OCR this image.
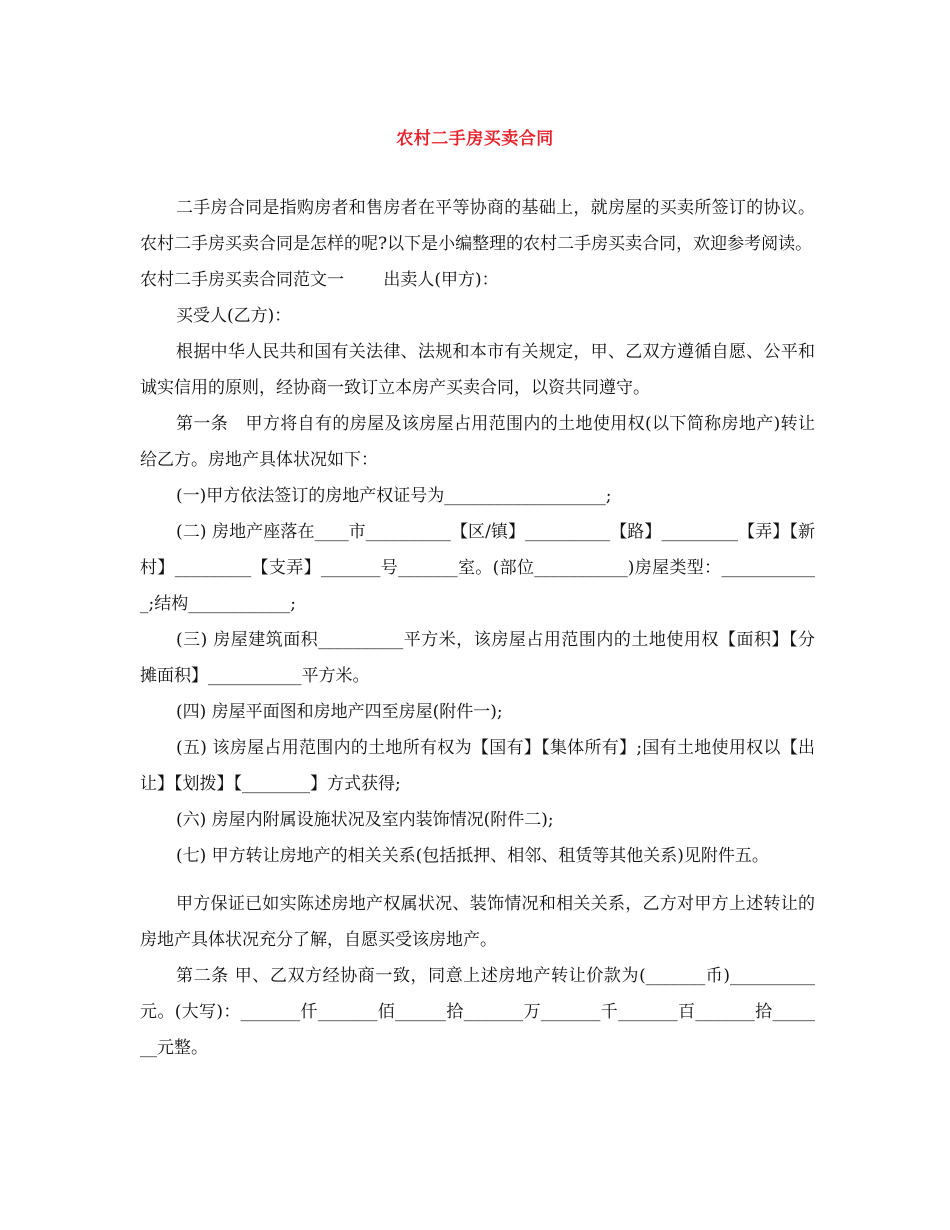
农村二手房买卖合同
二手房合同是指购房者和售房者在平等协商的基础上，就房屋的买卖所签订的协议。农村二手房买卖合同是怎样的呢?以下是小编整理的农村二手房买卖合同，欢迎参考阅读。
农村二手房买卖合同范文一　　 出卖人(甲方)：
买受人(乙方)：
根据中华人民共和国有关法律、法规和本市有关规定，甲、乙双方遵循自愿、公平和诚实信用的原则，经协商一致订立本房产买卖合同，以资共同遵守。
第一条　甲方将自有的房屋及该房屋占用范围内的土地使用权(以下简称房地产)转让给乙方。房地产具体状况如下：
(一)甲方依法签订的房地产权证号为___________________;
(二) 房地产座落在____市__________【区/镇】__________【路】_________【弄】【新村】_________【支弄】_______号_______室。(部位___________)房屋类型：____________;结构____________;
(三) 房屋建筑面积__________平方米，该房屋占用范围内的土地使用权【面积】【分摊面积】___________平方米。
(四) 房屋平面图和房地产四至房屋(附件一);
(五) 该房屋占用范围内的土地所有权为【国有】【集体所有】;国有土地使用权以【出让】【划拨】【________】方式获得;
(六) 房屋内附属设施状况及室内装饰情况(附件二);
(七) 甲方转让房地产的相关关系(包括抵押、相邻、租赁等其他关系)见附件五。
甲方保证已如实陈述房地产权属状况、装饰情况和相关关系，乙方对甲方上述转让的房地产具体状况充分了解，自愿买受该房地产。
第二条 甲、乙双方经协商一致，同意上述房地产转让价款为(_______币)__________元。(大写)：_______仟_______佰______拾_______万_______千_______百_______拾_______元整。
